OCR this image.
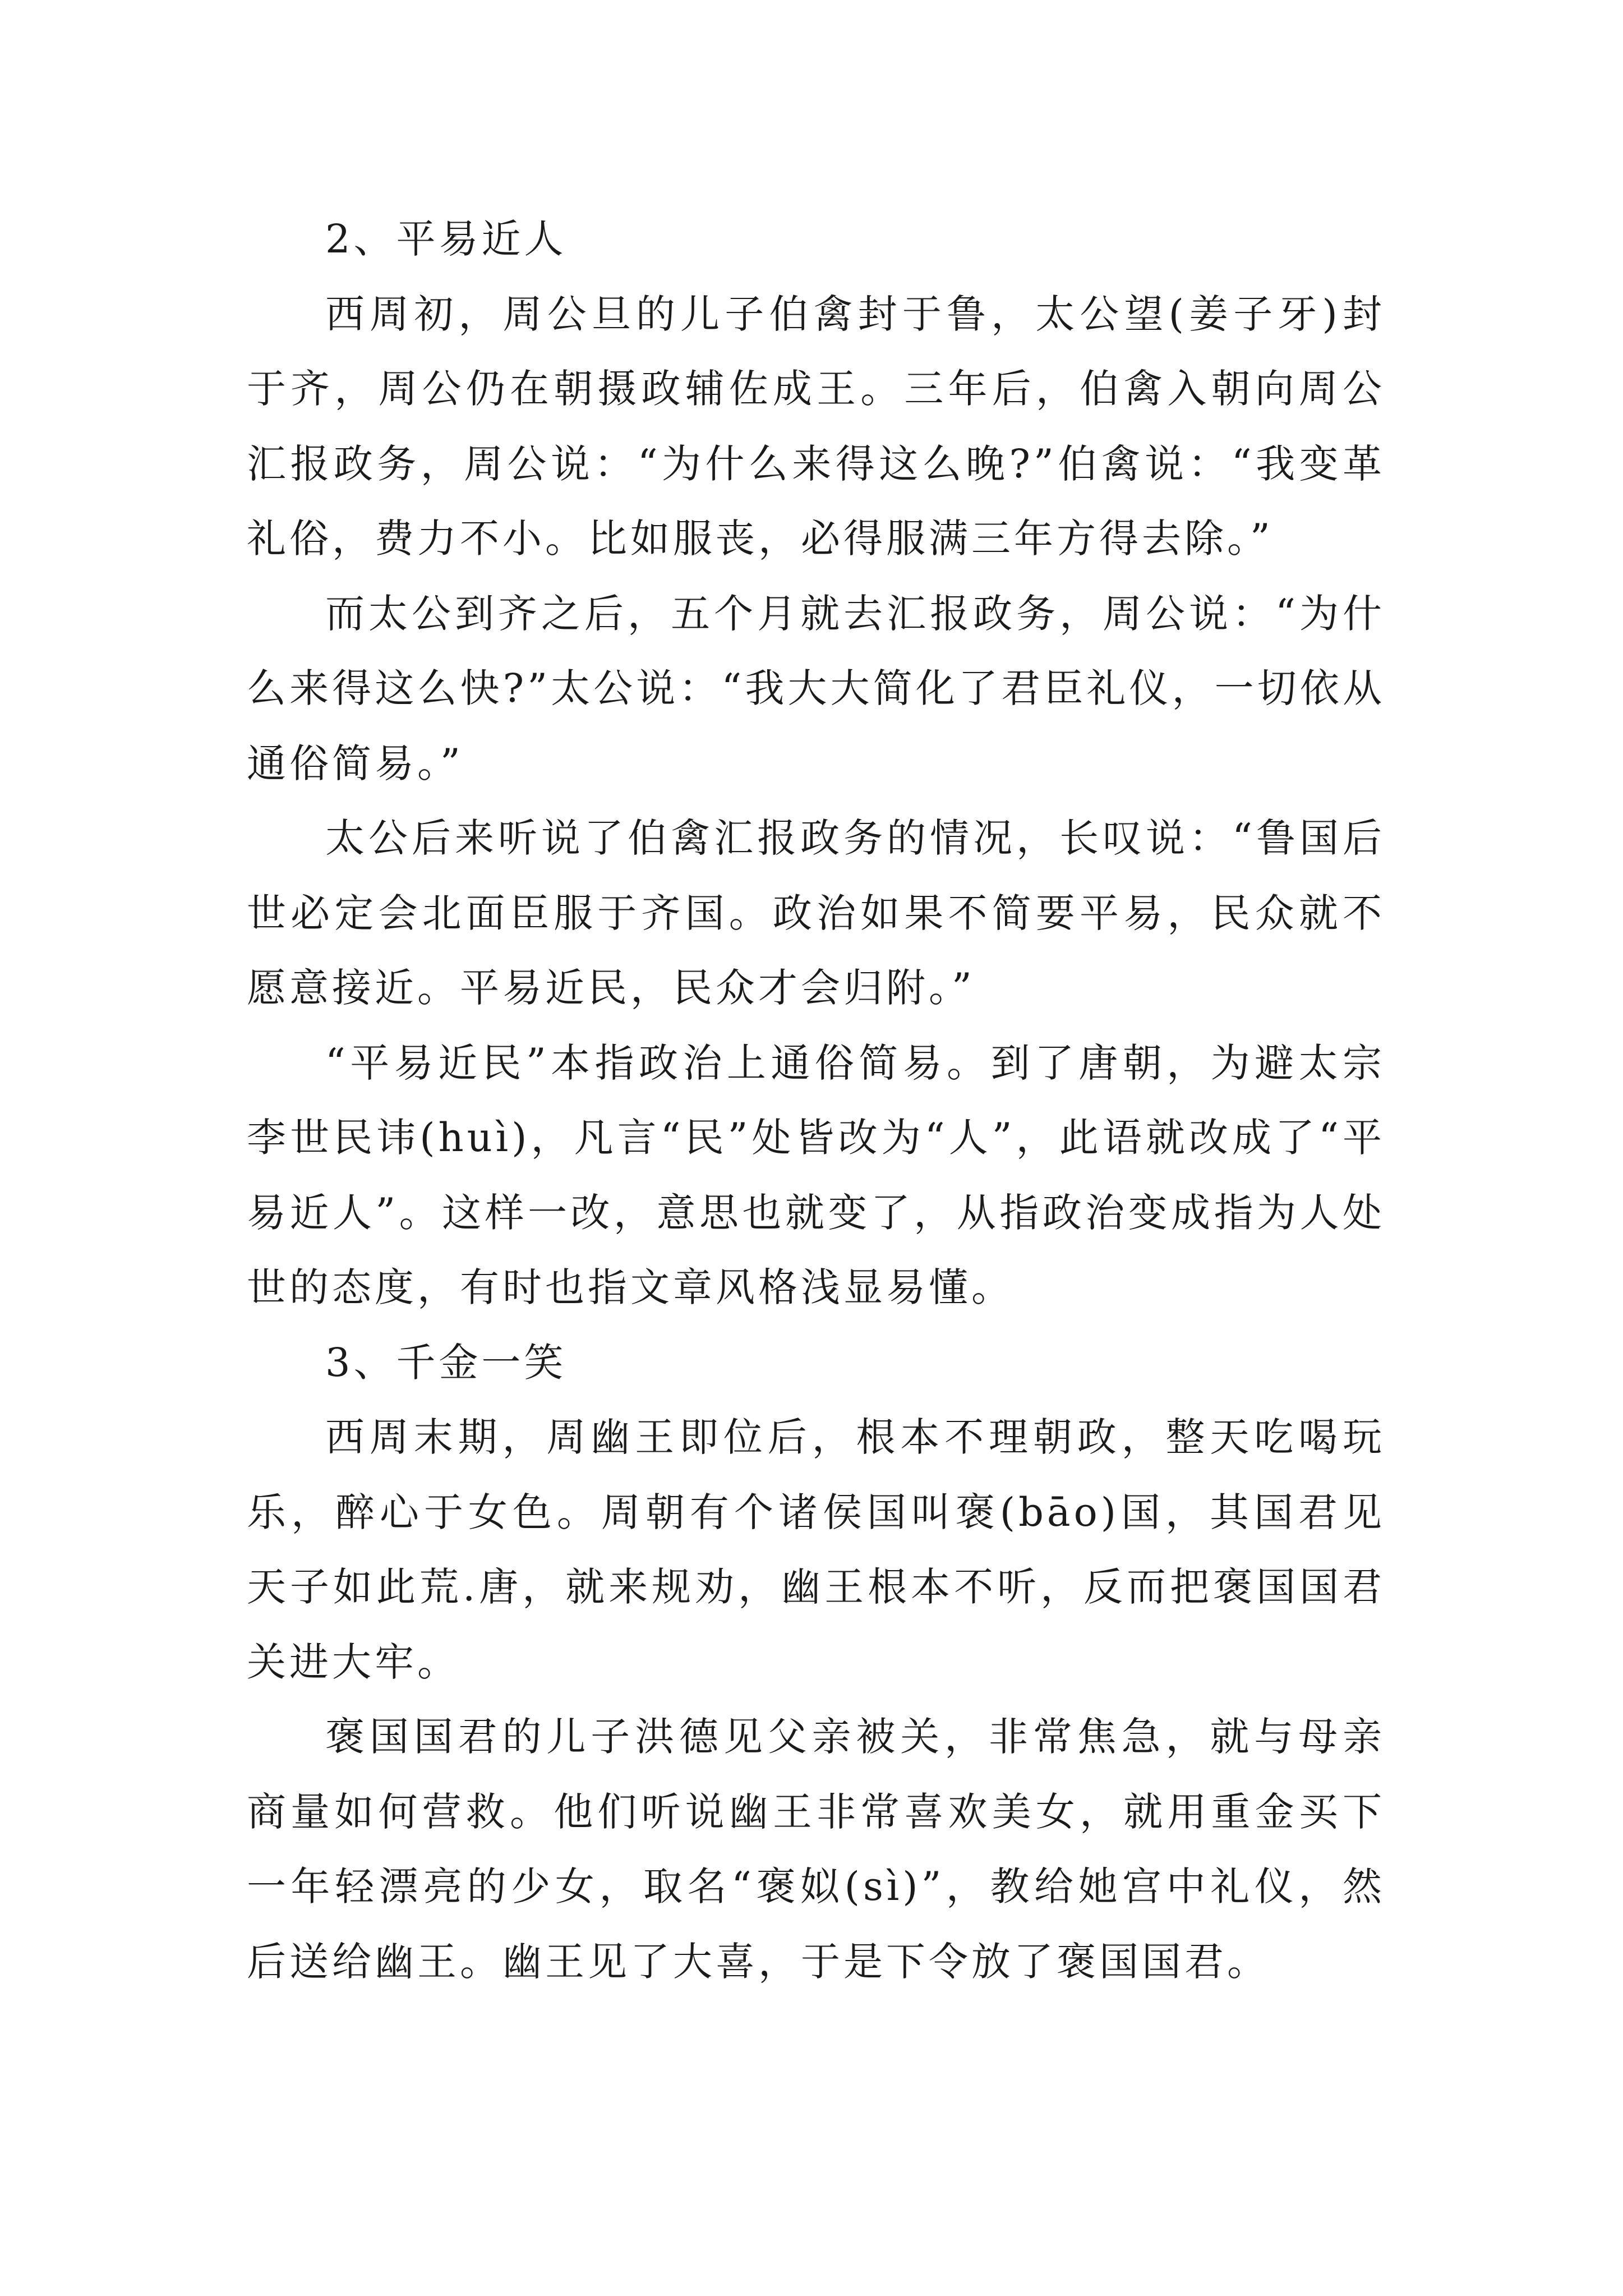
2、平易近人

西周初，周公旦的儿子伯禽封于鲁，太公望(姜子牙)封于齐，周公仍在朝摄政辅佐成王。三年后，伯禽入朝向周公汇报政务，周公说：“为什么来得这么晚?”伯禽说：“我变革礼俗，费力不小。比如服丧，必得服满三年方得去除。”

而太公到齐之后，五个月就去汇报政务，周公说：“为什么来得这么快?”太公说：“我大大简化了君臣礼仪，一切依从通俗简易。”

太公后来听说了伯禽汇报政务的情况，长叹说：“鲁国后世必定会北面臣服于齐国。政治如果不简要平易，民众就不愿意接近。平易近民，民众才会归附。”

“平易近民”本指政治上通俗简易。到了唐朝，为避太宗李世民讳(huì)，凡言“民”处皆改为“人”，此语就改成了“平易近人”。这样一改，意思也就变了，从指政治变成指为人处世的态度，有时也指文章风格浅显易懂。

3、千金一笑

西周末期，周幽王即位后，根本不理朝政，整天吃喝玩乐，醉心于女色。周朝有个诸侯国叫褒(bāo)国，其国君见天子如此荒.唐，就来规劝，幽王根本不听，反而把褒国国君关进大牢。

褒国国君的儿子洪德见父亲被关，非常焦急，就与母亲商量如何营救。他们听说幽王非常喜欢美女，就用重金买下一年轻漂亮的少女，取名“褒姒(sì)”，教给她宫中礼仪，然后送给幽王。幽王见了大喜，于是下令放了褒国国君。
